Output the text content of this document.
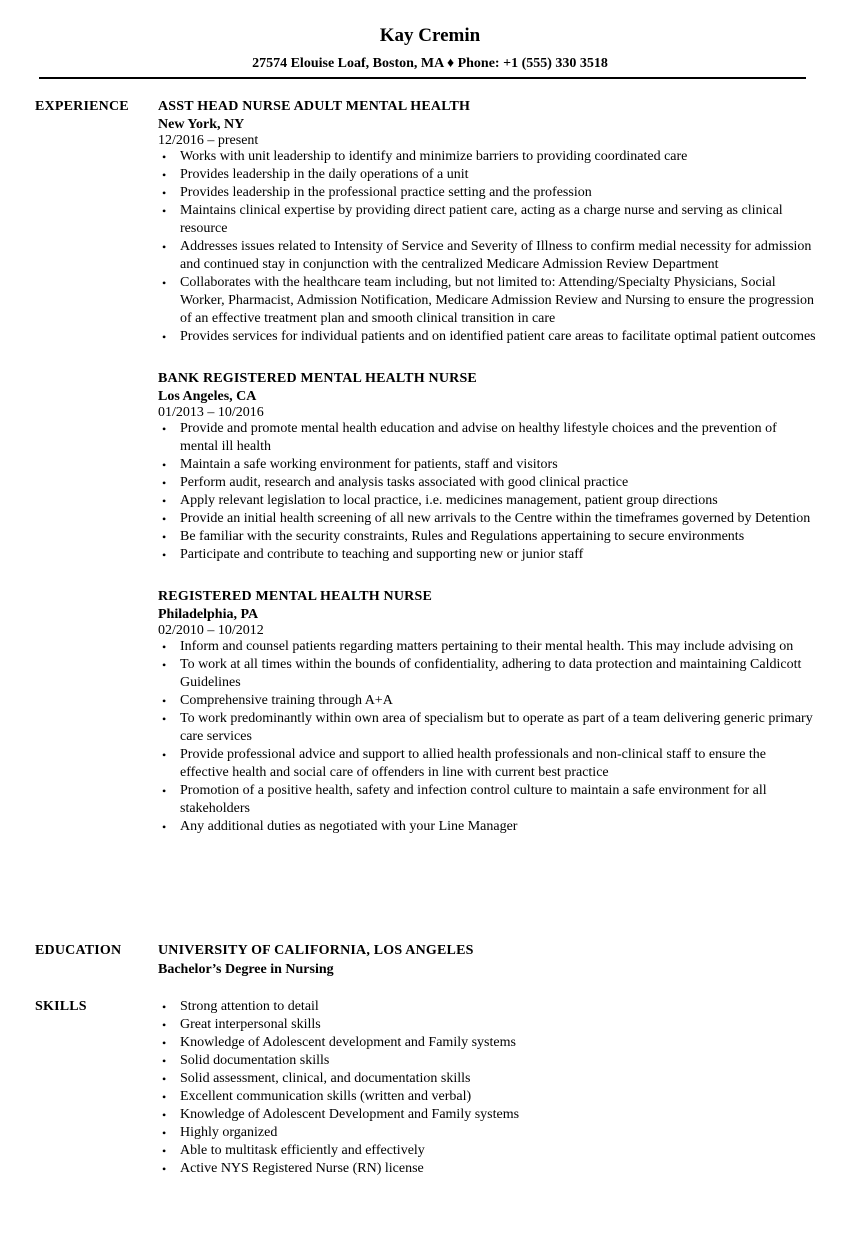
Kay Cremin
27574 Elouise Loaf, Boston, MA ♦ Phone: +1 (555) 330 3518
EXPERIENCE ASST HEAD NURSE ADULT MENTAL HEALTH
New York, NY
12/2016 – present
• Works with unit leadership to identify and minimize barriers to providing coordinated care
• Provides leadership in the daily operations of a unit
• Provides leadership in the professional practice setting and the profession
• Maintains clinical expertise by providing direct patient care, acting as a charge nurse and serving as clinical resource
• Addresses issues related to Intensity of Service and Severity of Illness to confirm medial necessity for admission and continued stay in conjunction with the centralized Medicare Admission Review Department
• Collaborates with the healthcare team including, but not limited to: Attending/Specialty Physicians, Social Worker, Pharmacist, Admission Notification, Medicare Admission Review and Nursing to ensure the progression of an effective treatment plan and smooth clinical transition in care
• Provides services for individual patients and on identified patient care areas to facilitate optimal patient outcomes
BANK REGISTERED MENTAL HEALTH NURSE
Los Angeles, CA
01/2013 – 10/2016
• Provide and promote mental health education and advise on healthy lifestyle choices and the prevention of mental ill health
• Maintain a safe working environment for patients, staff and visitors
• Perform audit, research and analysis tasks associated with good clinical practice
• Apply relevant legislation to local practice, i.e. medicines management, patient group directions
• Provide an initial health screening of all new arrivals to the Centre within the timeframes governed by Detention
• Be familiar with the security constraints, Rules and Regulations appertaining to secure environments
• Participate and contribute to teaching and supporting new or junior staff
REGISTERED MENTAL HEALTH NURSE
Philadelphia, PA
02/2010 – 10/2012
• Inform and counsel patients regarding matters pertaining to their mental health. This may include advising on
• To work at all times within the bounds of confidentiality, adhering to data protection and maintaining Caldicott Guidelines
• Comprehensive training through A+A
• To work predominantly within own area of specialism but to operate as part of a team delivering generic primary care services
• Provide professional advice and support to allied health professionals and non-clinical staff to ensure the effective health and social care of offenders in line with current best practice
• Promotion of a positive health, safety and infection control culture to maintain a safe environment for all stakeholders
• Any additional duties as negotiated with your Line Manager
EDUCATION	UNIVERSITY OF CALIFORNIA, LOS ANGELES
Bachelor’s Degree in Nursing
SKILLS	• Strong attention to detail
• Great interpersonal skills
• Knowledge of Adolescent development and Family systems
• Solid documentation skills
• Solid assessment, clinical, and documentation skills
• Excellent communication skills (written and verbal)
• Knowledge of Adolescent Development and Family systems
• Highly organized
• Able to multitask efficiently and effectively
• Active NYS Registered Nurse (RN) license
